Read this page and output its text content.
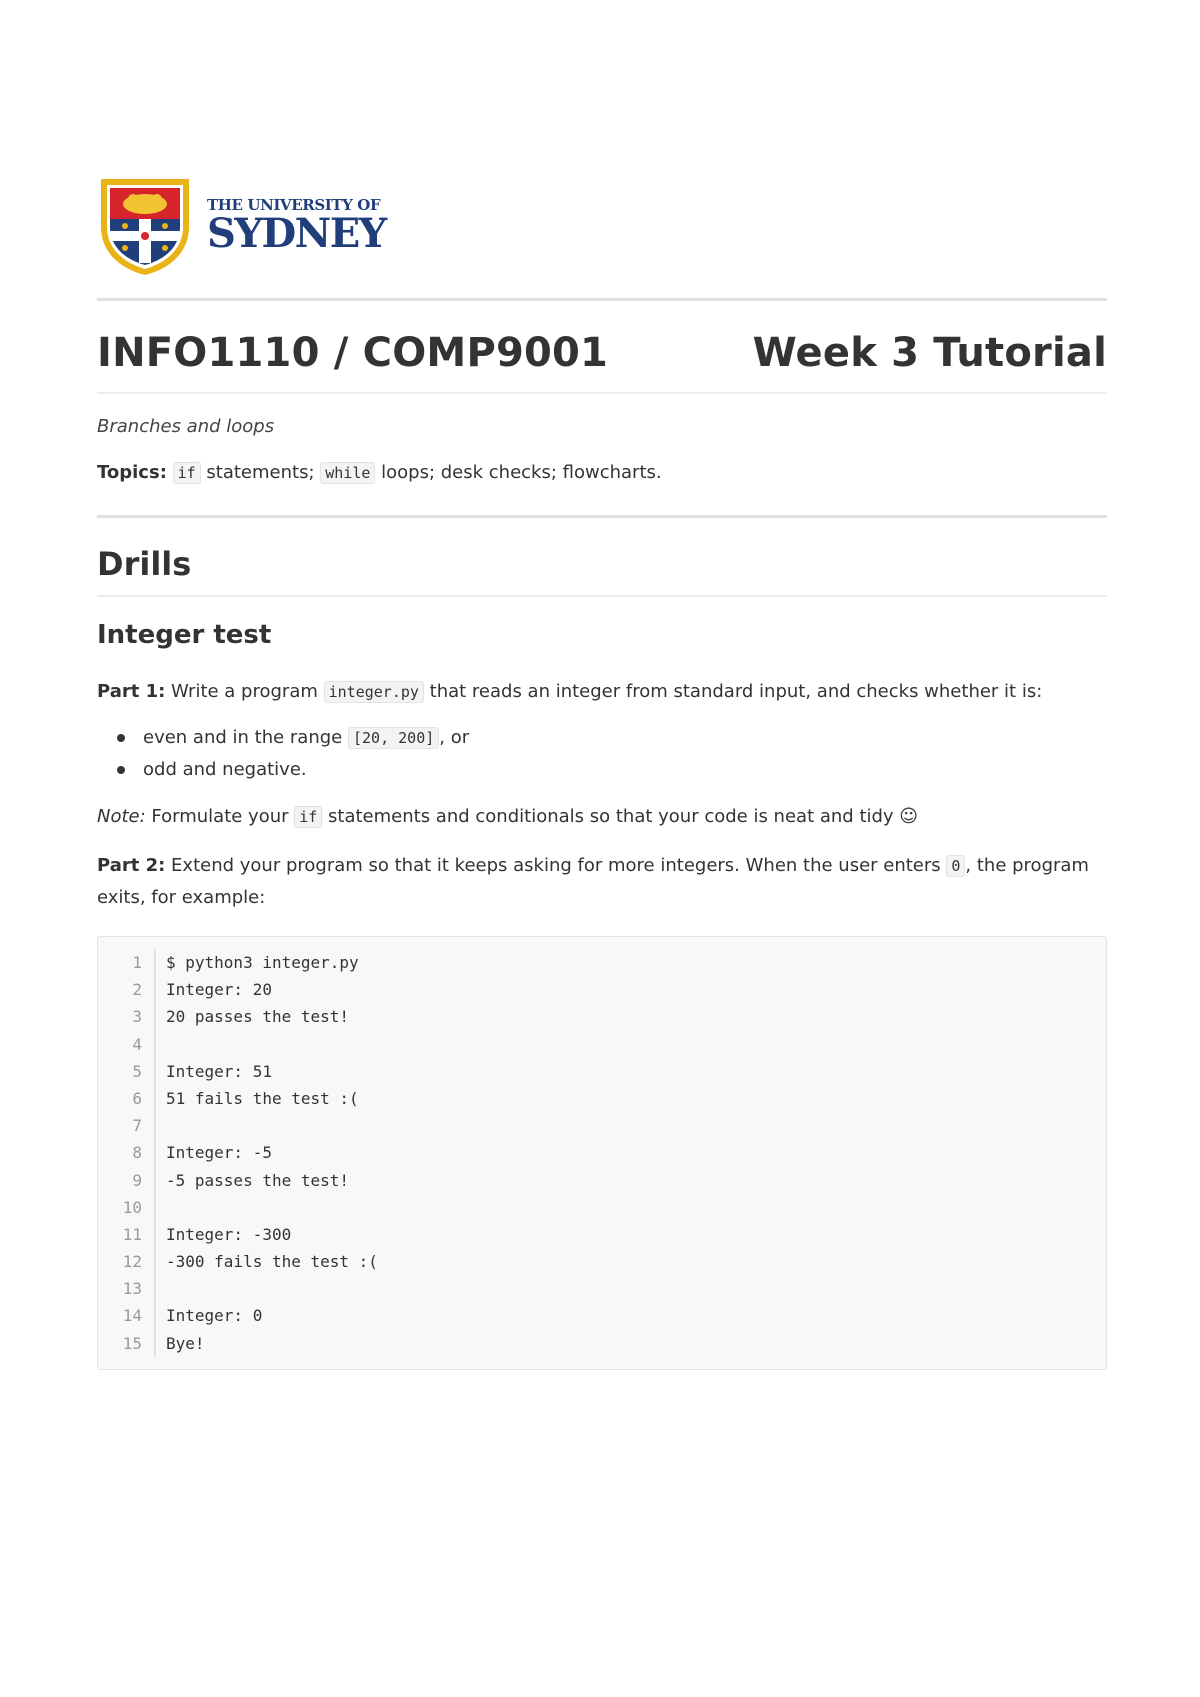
THE UNIVERSITY OF
SYDNEY
INFO1110 / COMP9001	Week 3 Tutorial
Branches and loops
Topics: if statements; while loops; desk checks; flowcharts.
Drills
Integer test
Part 1: Write a program integer.py that reads an integer from standard input, and checks whether it is:
even and in the range [20, 200] , or
odd and negative.
Note: Formulate your if statements and conditionals so that your code is neat and tidy ☺
Part 2: Extend your program so that it keeps asking for more integers. When the user enters 0 , the program exits, for example:
1	$ python3 integer.py
2	Integer: 20
3	20 passes the test!
4
5	Integer: 51
6	51 fails the test :(
7
8	Integer: -5
9	-5 passes the test!
10
11	Integer: -300
12	-300 fails the test :(
13
14	Integer: 0
15	Bye!
